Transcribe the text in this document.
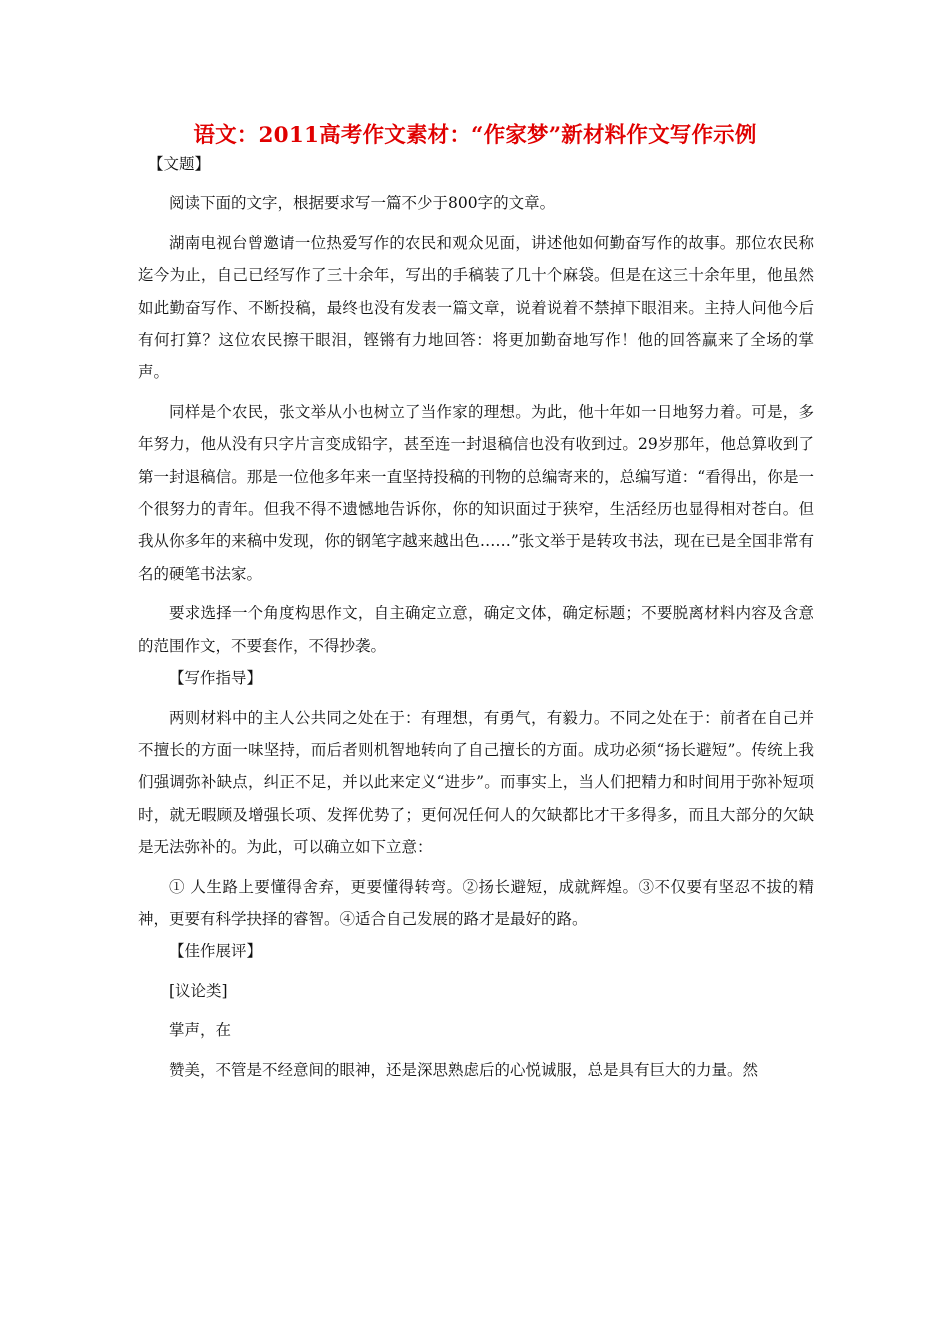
语文：2011高考作文素材：“作家梦”新材料作文写作示例

【文题】

阅读下面的文字，根据要求写一篇不少于800字的文章。

湖南电视台曾邀请一位热爱写作的农民和观众见面，讲述他如何勤奋写作的故事。那位农民称迄今为止，自己已经写作了三十余年，写出的手稿装了几十个麻袋。但是在这三十余年里，他虽然如此勤奋写作、不断投稿，最终也没有发表一篇文章，说着说着不禁掉下眼泪来。主持人问他今后有何打算？这位农民擦干眼泪，铿锵有力地回答：将更加勤奋地写作！他的回答赢来了全场的掌声。

同样是个农民，张文举从小也树立了当作家的理想。为此，他十年如一日地努力着。可是，多年努力，他从没有只字片言变成铅字，甚至连一封退稿信也没有收到过。29岁那年，他总算收到了第一封退稿信。那是一位他多年来一直坚持投稿的刊物的总编寄来的，总编写道：“看得出，你是一个很努力的青年。但我不得不遗憾地告诉你，你的知识面过于狭窄，生活经历也显得相对苍白。但我从你多年的来稿中发现，你的钢笔字越来越出色……”张文举于是转攻书法，现在已是全国非常有名的硬笔书法家。

要求选择一个角度构思作文，自主确定立意，确定文体，确定标题；不要脱离材料内容及含意的范围作文，不要套作，不得抄袭。

【写作指导】

两则材料中的主人公共同之处在于：有理想，有勇气，有毅力。不同之处在于：前者在自己并不擅长的方面一味坚持，而后者则机智地转向了自己擅长的方面。成功必须“扬长避短”。传统上我们强调弥补缺点，纠正不足，并以此来定义“进步”。而事实上，当人们把精力和时间用于弥补短项时，就无暇顾及增强长项、发挥优势了；更何况任何人的欠缺都比才干多得多，而且大部分的欠缺是无法弥补的。为此，可以确立如下立意：

① 人生路上要懂得舍弃，更要懂得转弯。②扬长避短，成就辉煌。③不仅要有坚忍不拔的精神，更要有科学抉择的睿智。④适合自己发展的路才是最好的路。

【佳作展评】

[议论类]

掌声，在

赞美，不管是不经意间的眼神，还是深思熟虑后的心悦诚服，总是具有巨大的力量。然
